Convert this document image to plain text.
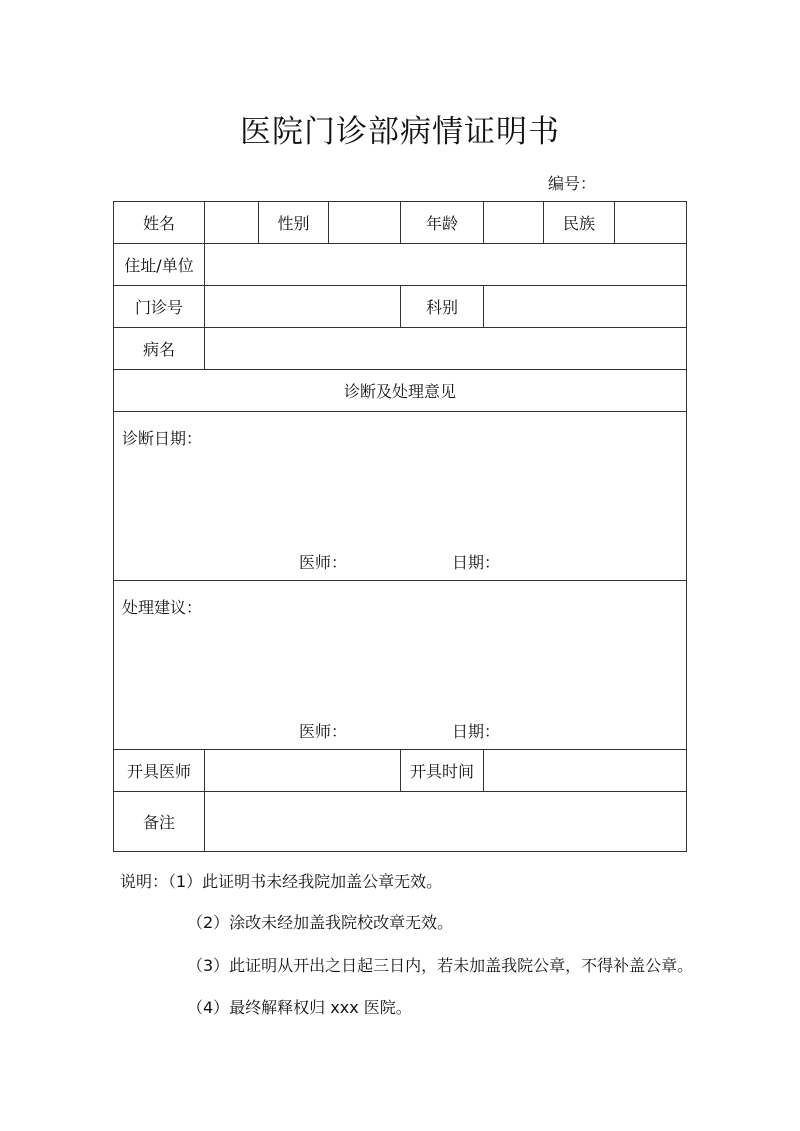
医院门诊部病情证明书
编号：
姓名		性别		年龄		民族	
住址/单位							
门诊号				科别			
病名							
诊断及处理意见							

诊断日期：
医师： 日期：							

处理建议：
医师： 日期：							

开具医师				开具时间			
备注							
说明：（1）此证明书未经我院加盖公章无效。
（2）涂改未经加盖我院校改章无效。
（3）此证明从开出之日起三日内，若未加盖我院公章，不得补盖公章。
（4）最终解释权归 xxx 医院。
